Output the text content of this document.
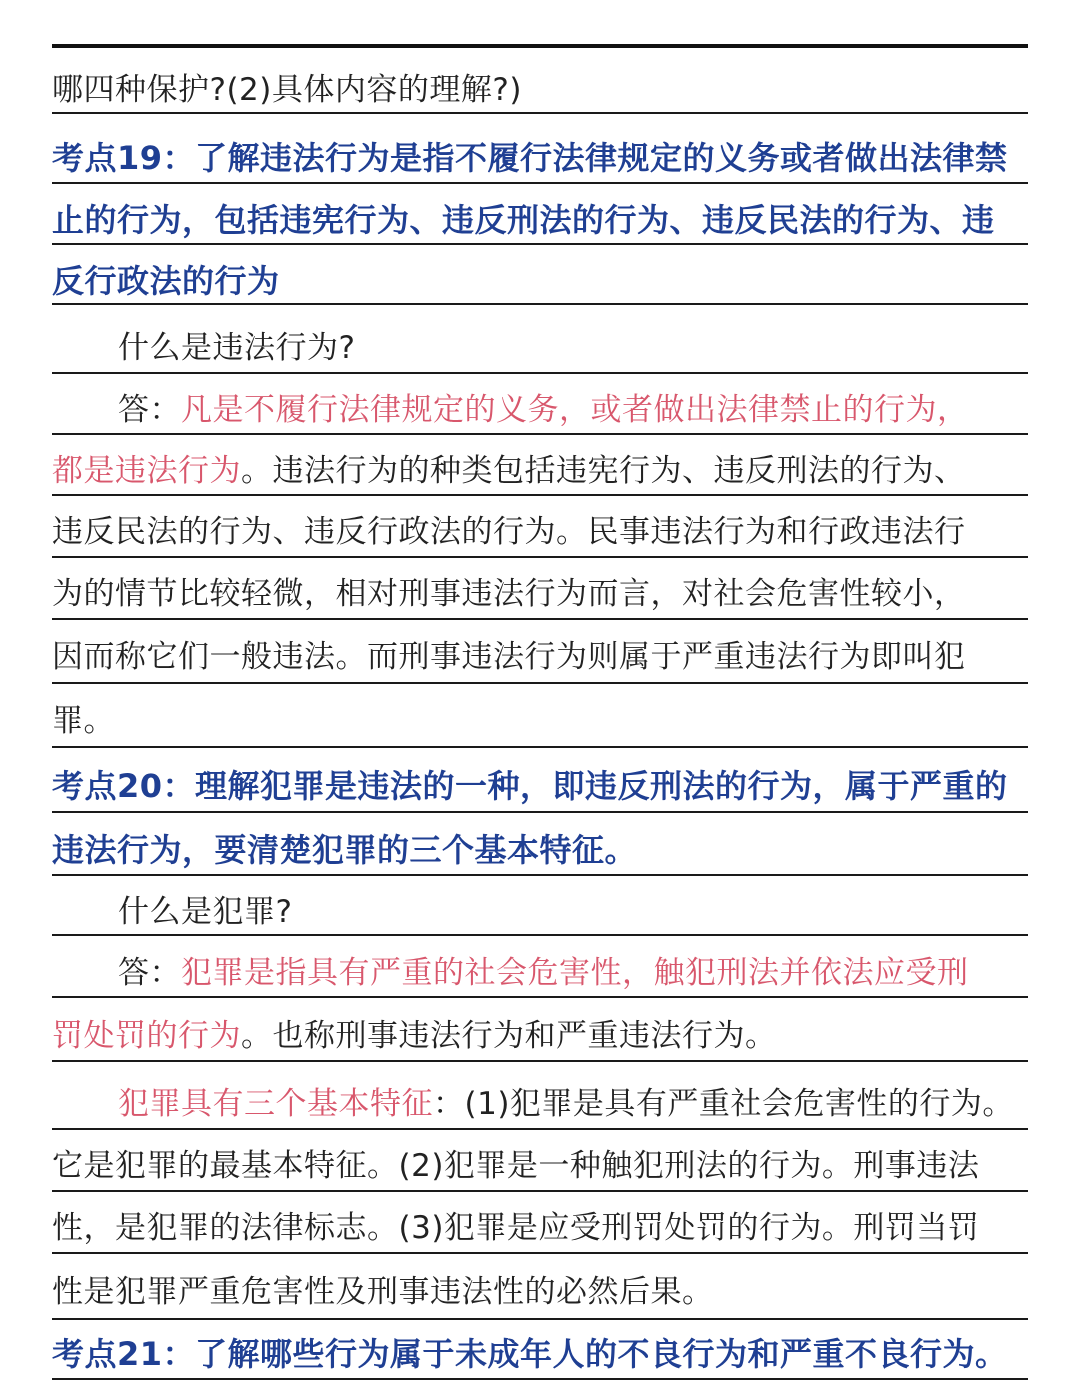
哪四种保护?(2)具体内容的理解?)
考点19：了解违法行为是指不履行法律规定的义务或者做出法律禁
止的行为，包括违宪行为、违反刑法的行为、违反民法的行为、违
反行政法的行为
什么是违法行为?
答：凡是不履行法律规定的义务，或者做出法律禁止的行为，
都是违法行为。违法行为的种类包括违宪行为、违反刑法的行为、
违反民法的行为、违反行政法的行为。民事违法行为和行政违法行
为的情节比较轻微，相对刑事违法行为而言，对社会危害性较小，
因而称它们一般违法。而刑事违法行为则属于严重违法行为即叫犯
罪。
考点20：理解犯罪是违法的一种，即违反刑法的行为，属于严重的
违法行为，要清楚犯罪的三个基本特征。
什么是犯罪?
答：犯罪是指具有严重的社会危害性，触犯刑法并依法应受刑
罚处罚的行为。也称刑事违法行为和严重违法行为。
犯罪具有三个基本特征：(1)犯罪是具有严重社会危害性的行为。
它是犯罪的最基本特征。(2)犯罪是一种触犯刑法的行为。刑事违法
性，是犯罪的法律标志。(3)犯罪是应受刑罚处罚的行为。刑罚当罚
性是犯罪严重危害性及刑事违法性的必然后果。
考点21：了解哪些行为属于未成年人的不良行为和严重不良行为。
